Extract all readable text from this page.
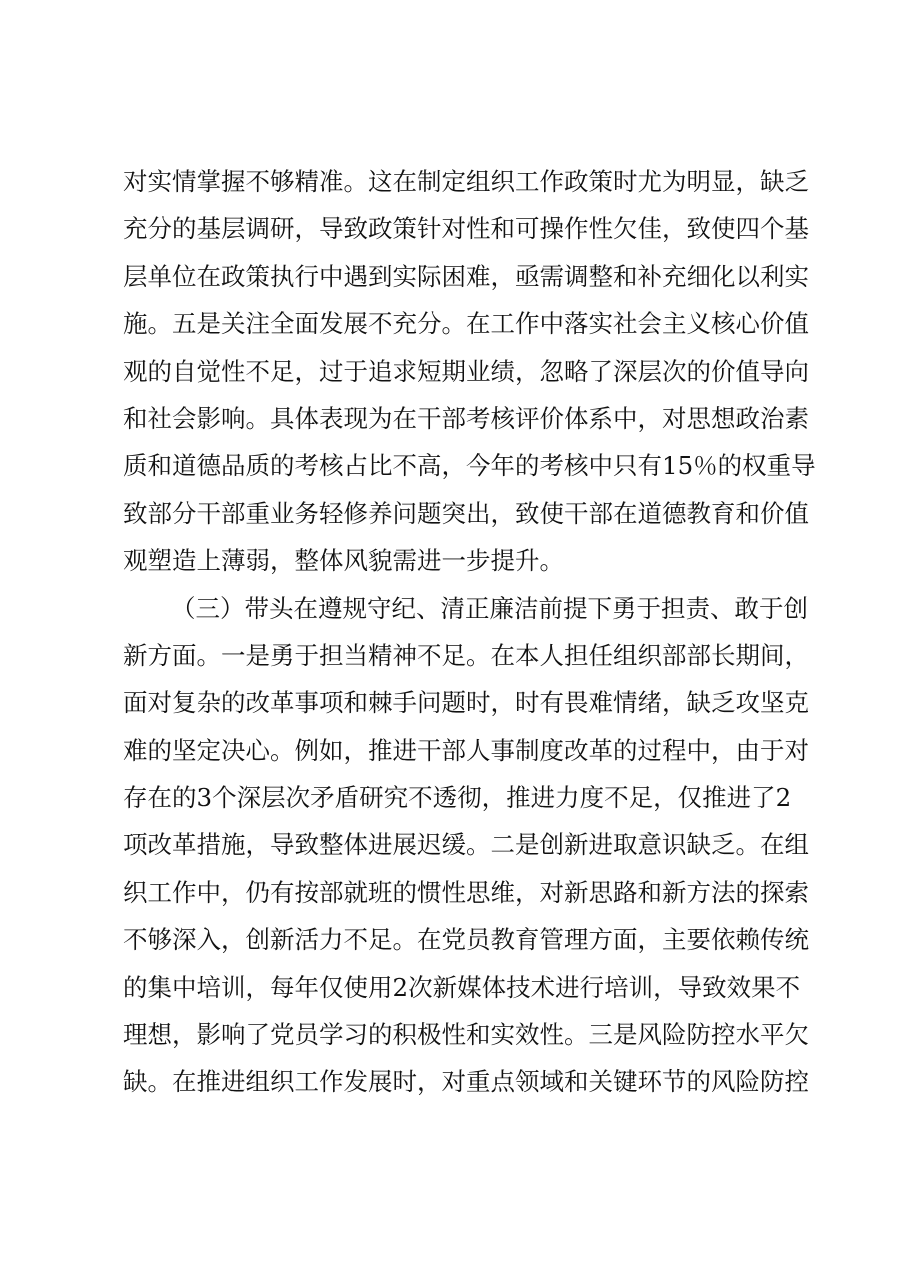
对实情掌握不够精准。这在制定组织工作政策时尤为明显，缺乏
充分的基层调研，导致政策针对性和可操作性欠佳，致使四个基
层单位在政策执行中遇到实际困难，亟需调整和补充细化以利实
施。五是关注全面发展不充分。在工作中落实社会主义核心价值
观的自觉性不足，过于追求短期业绩，忽略了深层次的价值导向
和社会影响。具体表现为在干部考核评价体系中，对思想政治素
质和道德品质的考核占比不高，今年的考核中只有15％的权重导
致部分干部重业务轻修养问题突出，致使干部在道德教育和价值
观塑造上薄弱，整体风貌需进一步提升。
（三）带头在遵规守纪、清正廉洁前提下勇于担责、敢于创
新方面。一是勇于担当精神不足。在本人担任组织部部长期间，
面对复杂的改革事项和棘手问题时，时有畏难情绪，缺乏攻坚克
难的坚定决心。例如，推进干部人事制度改革的过程中，由于对
存在的3个深层次矛盾研究不透彻，推进力度不足，仅推进了2
项改革措施，导致整体进展迟缓。二是创新进取意识缺乏。在组
织工作中，仍有按部就班的惯性思维，对新思路和新方法的探索
不够深入，创新活力不足。在党员教育管理方面，主要依赖传统
的集中培训，每年仅使用2次新媒体技术进行培训，导致效果不
理想，影响了党员学习的积极性和实效性。三是风险防控水平欠
缺。在推进组织工作发展时，对重点领域和关键环节的风险防控
